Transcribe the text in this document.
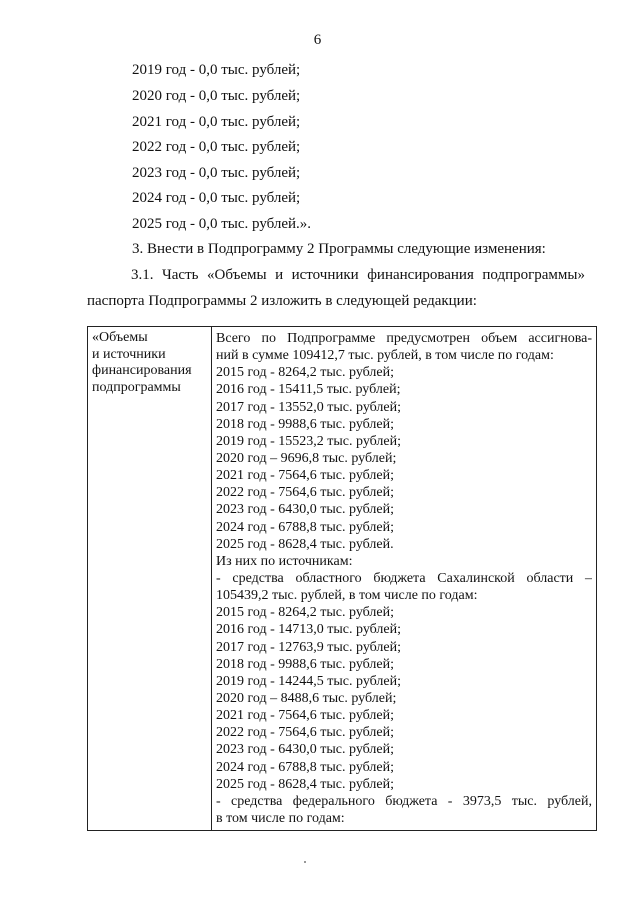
6
2019 год - 0,0 тыс. рублей;
2020 год - 0,0 тыс. рублей;
2021 год - 0,0 тыс. рублей;
2022 год - 0,0 тыс. рублей;
2023 год - 0,0 тыс. рублей;
2024 год - 0,0 тыс. рублей;
2025 год - 0,0 тыс. рублей.».
3. Внести в Подпрограмму 2 Программы следующие изменения:
3.1. Часть «Объемы и источники финансирования подпрограммы»
паспорта Подпрограммы 2 изложить в следующей редакции:
«Объемы
и источники
финансирования
подпрограммы
Всего по Подпрограмме предусмотрен объем ассигнова-
ний в сумме 109412,7 тыс. рублей, в том числе по годам:
2015 год - 8264,2 тыс. рублей;
2016 год - 15411,5 тыс. рублей;
2017 год - 13552,0 тыс. рублей;
2018 год - 9988,6 тыс. рублей;
2019 год - 15523,2 тыс. рублей;
2020 год – 9696,8 тыс. рублей;
2021 год - 7564,6 тыс. рублей;
2022 год - 7564,6 тыс. рублей;
2023 год - 6430,0 тыс. рублей;
2024 год - 6788,8 тыс. рублей;
2025 год - 8628,4 тыс. рублей.
Из них по источникам:
- средства областного бюджета Сахалинской области –
105439,2 тыс. рублей, в том числе по годам:
2015 год - 8264,2 тыс. рублей;
2016 год - 14713,0 тыс. рублей;
2017 год - 12763,9 тыс. рублей;
2018 год - 9988,6 тыс. рублей;
2019 год - 14244,5 тыс. рублей;
2020 год – 8488,6 тыс. рублей;
2021 год - 7564,6 тыс. рублей;
2022 год - 7564,6 тыс. рублей;
2023 год - 6430,0 тыс. рублей;
2024 год - 6788,8 тыс. рублей;
2025 год - 8628,4 тыс. рублей;
- средства федерального бюджета - 3973,5 тыс. рублей,
в том числе по годам:
